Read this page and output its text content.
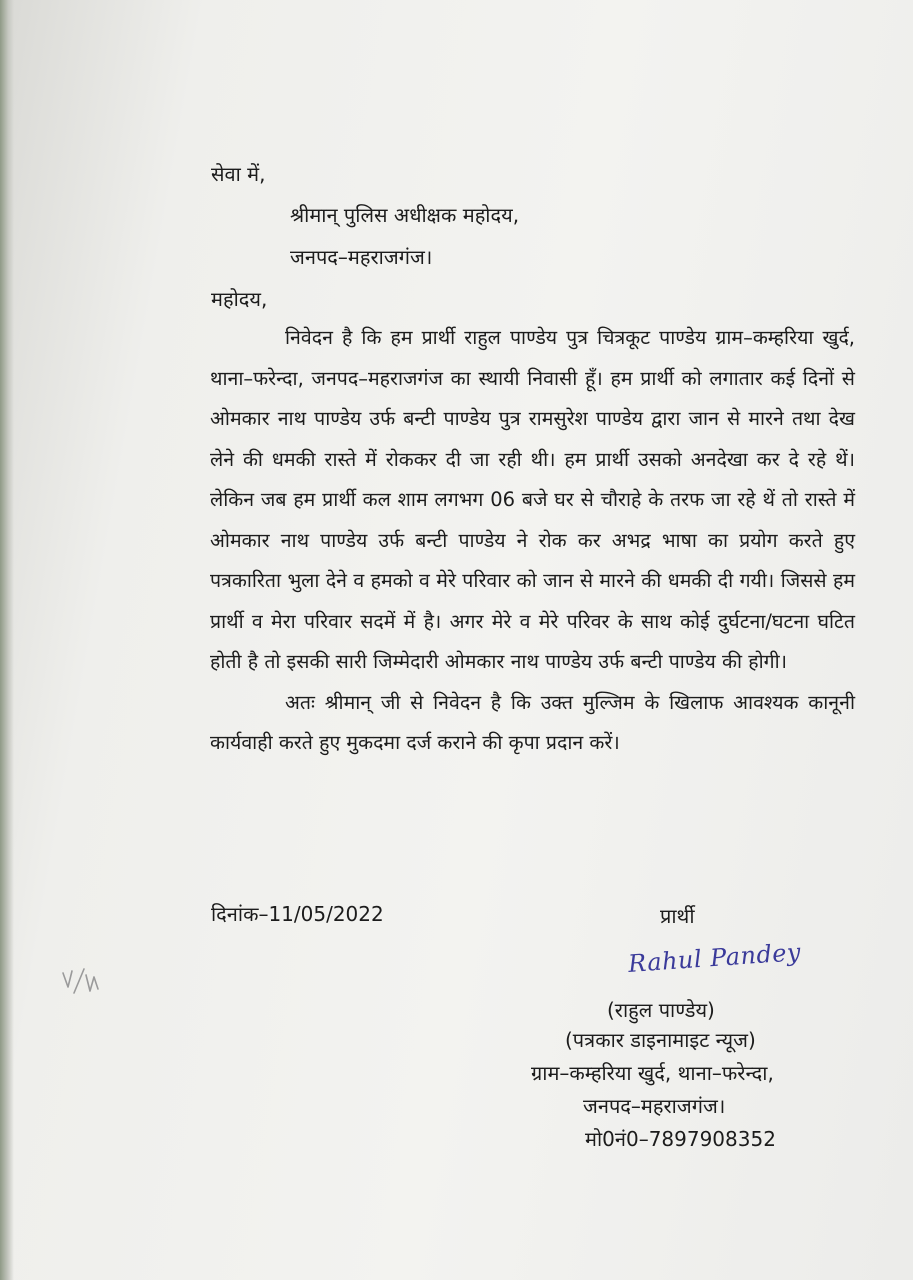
सेवा में,
श्रीमान् पुलिस अधीक्षक महोदय,
जनपद–महराजगंज।
महोदय,

निवेदन है कि हम प्रार्थी राहुल पाण्डेय पुत्र चित्रकूट पाण्डेय ग्राम–कम्हरिया खुर्द, थाना–फरेन्दा, जनपद–महराजगंज का स्थायी निवासी हूँ। हम प्रार्थी को लगातार कई दिनों से ओमकार नाथ पाण्डेय उर्फ बन्टी पाण्डेय पुत्र रामसुरेश पाण्डेय द्वारा जान से मारने तथा देख लेने की धमकी रास्ते में रोककर दी जा रही थी। हम प्रार्थी उसको अनदेखा कर दे रहे थें। लेकिन जब हम प्रार्थी कल शाम लगभग 06 बजे घर से चौराहे के तरफ जा रहे थें तो रास्ते में ओमकार नाथ पाण्डेय उर्फ बन्टी पाण्डेय ने रोक कर अभद्र भाषा का प्रयोग करते हुए पत्रकारिता भुला देने व हमको व मेरे परिवार को जान से मारने की धमकी दी गयी। जिससे हम प्रार्थी व मेरा परिवार सदमें में है। अगर मेरे व मेरे परिवर के साथ कोई दुर्घटना/घटना घटित होती है तो इसकी सारी जिम्मेदारी ओमकार नाथ पाण्डेय उर्फ बन्टी पाण्डेय की होगी।

अतः श्रीमान् जी से निवेदन है कि उक्त मुल्जिम के खिलाफ आवश्यक कानूनी कार्यवाही करते हुए मुकदमा दर्ज कराने की कृपा प्रदान करें।

दिनांक–11/05/2022	प्रार्थी
Rahul Pandey
(राहुल पाण्डेय)
(पत्रकार डाइनामाइट न्यूज)
ग्राम–कम्हरिया खुर्द, थाना–फरेन्दा,
जनपद–महराजगंज।
मो0नं0–7897908352
